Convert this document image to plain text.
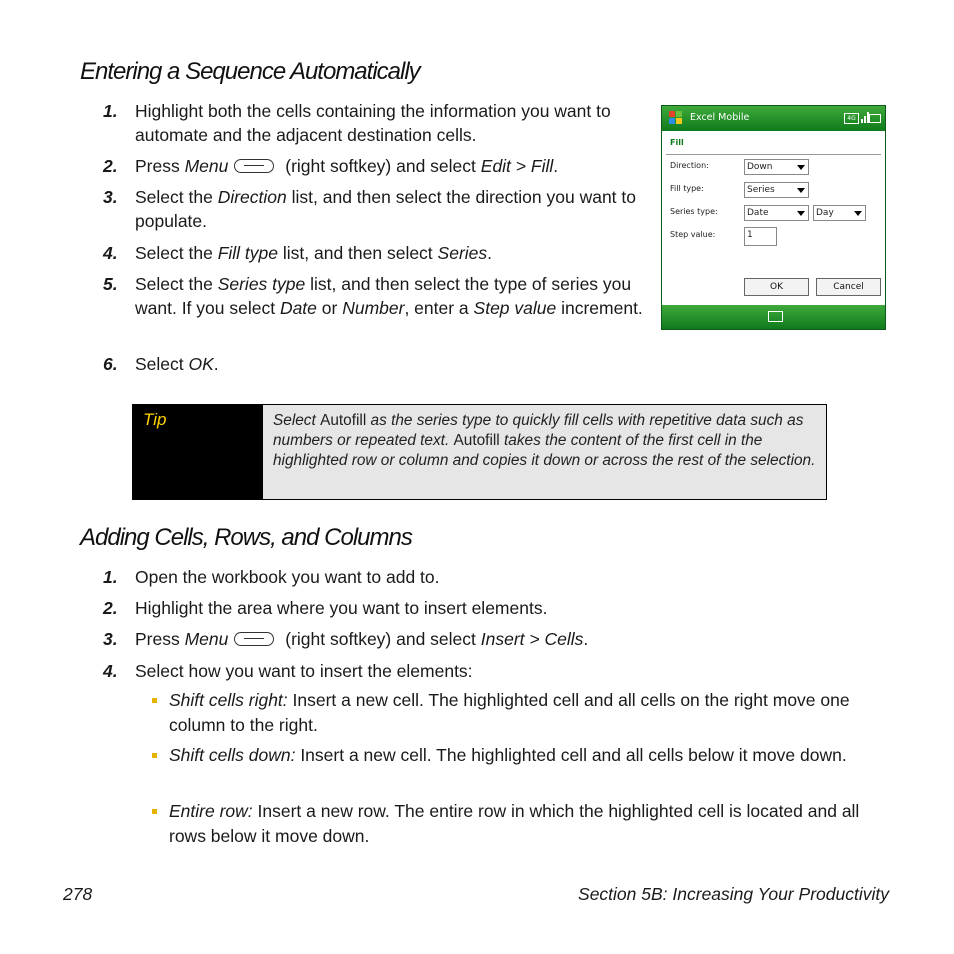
Entering a Sequence Automatically
1. Highlight both the cells containing the information you want to automate and the adjacent destination cells.
2. Press Menu	(right softkey) and select Edit > Fill.
3. Select the Direction list, and then select the direction you want to populate.
4. Select the Fill type list, and then select Series.
5. Select the Series type list, and then select the type of series you want. If you select Date or Number, enter a Step value increment.
6. Select OK.
Excel Mobile	4G
Fill
Direction:	Down
Fill type:	Series
Series type:	Date	Day
Step value:	1
OK	Cancel
Tip	Select Autofill as the series type to quickly fill cells with repetitive data such as numbers or repeated text. Autofill takes the content of the first cell in the highlighted row or column and copies it down or across the rest of the selection.
Adding Cells, Rows, and Columns
1. Open the workbook you want to add to.
2. Highlight the area where you want to insert elements.
3. Press Menu	(right softkey) and select Insert > Cells.
4. Select how you want to insert the elements:
Shift cells right: Insert a new cell. The highlighted cell and all cells on the right move one column to the right.
Shift cells down: Insert a new cell. The highlighted cell and all cells below it move down.
Entire row: Insert a new row. The entire row in which the highlighted cell is located and all rows below it move down.
278	Section 5B: Increasing Your Productivity
